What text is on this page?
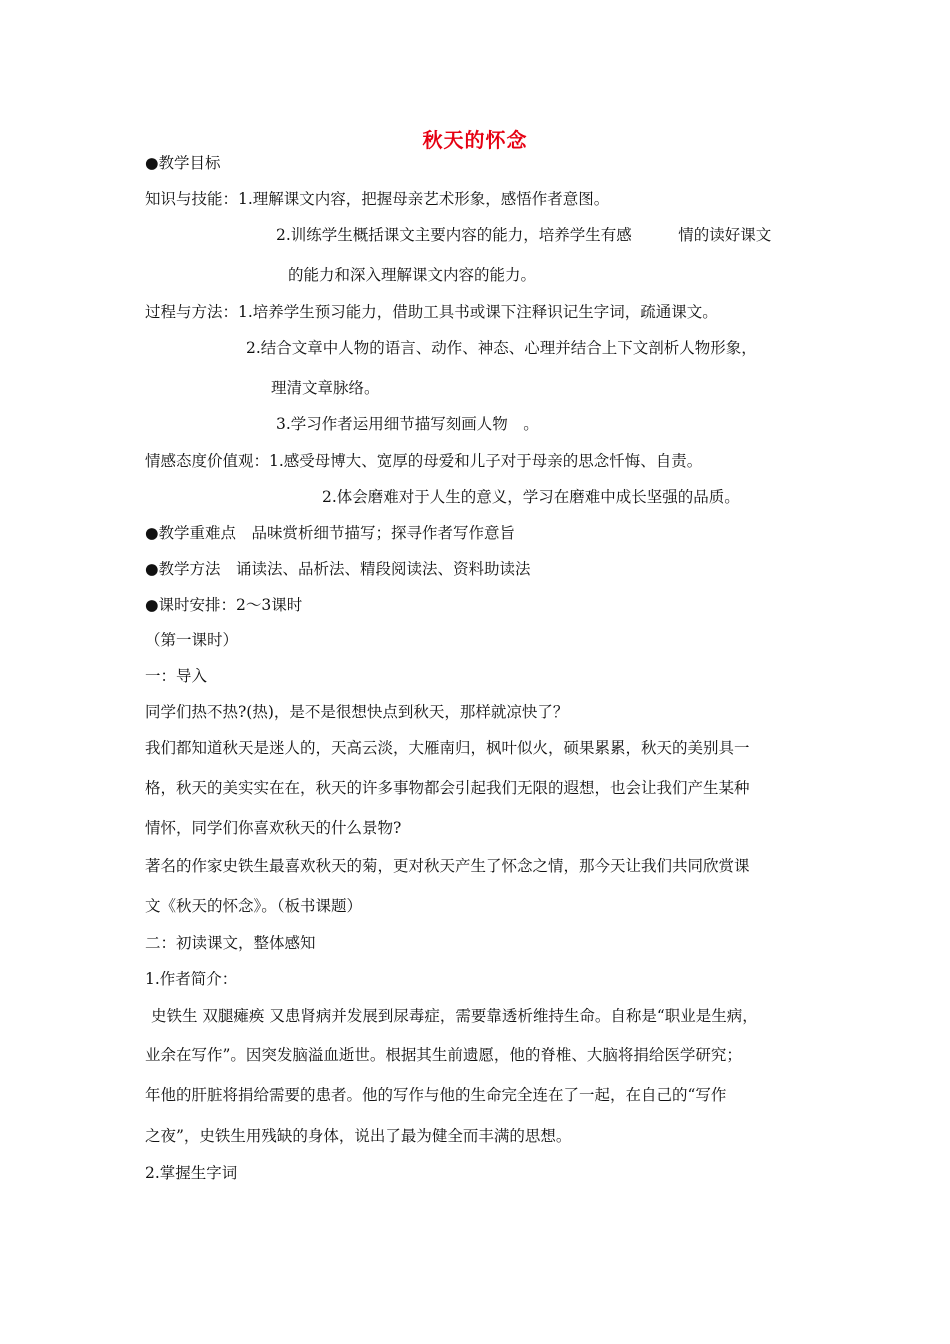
秋天的怀念
●教学目标
知识与技能：1.理解课文内容，把握母亲艺术形象，感悟作者意图。
2.训练学生概括课文主要内容的能力，培养学生有感　　　情的读好课文
的能力和深入理解课文内容的能力。
过程与方法：1.培养学生预习能力，借助工具书或课下注释识记生字词，疏通课文。
2.结合文章中人物的语言、动作、神态、心理并结合上下文剖析人物形象，
理清文章脉络。
3.学习作者运用细节描写刻画人物　。
情感态度价值观：1.感受母博大、宽厚的母爱和儿子对于母亲的思念忏悔、自责。
2.体会磨难对于人生的意义，学习在磨难中成长坚强的品质。
●教学重难点　品味赏析细节描写；探寻作者写作意旨
●教学方法　诵读法、品析法、精段阅读法、资料助读法
●课时安排：2～3课时
（第一课时）
一：导入
同学们热不热?(热)，是不是很想快点到秋天，那样就凉快了？
我们都知道秋天是迷人的，天高云淡，大雁南归，枫叶似火，硕果累累，秋天的美别具一
格，秋天的美实实在在，秋天的许多事物都会引起我们无限的遐想，也会让我们产生某种
情怀，同学们你喜欢秋天的什么景物?
著名的作家史铁生最喜欢秋天的菊，更对秋天产生了怀念之情，那今天让我们共同欣赏课
文《秋天的怀念》。（板书课题）
二：初读课文，整体感知
1.作者简介：
史铁生 双腿瘫痪 又患肾病并发展到尿毒症，需要靠透析维持生命。自称是“职业是生病，
业余在写作”。因突发脑溢血逝世。根据其生前遗愿，他的脊椎、大脑将捐给医学研究；
年他的肝脏将捐给需要的患者。他的写作与他的生命完全连在了一起，在自己的“写作
之夜”，史铁生用残缺的身体，说出了最为健全而丰满的思想。
2.掌握生字词
